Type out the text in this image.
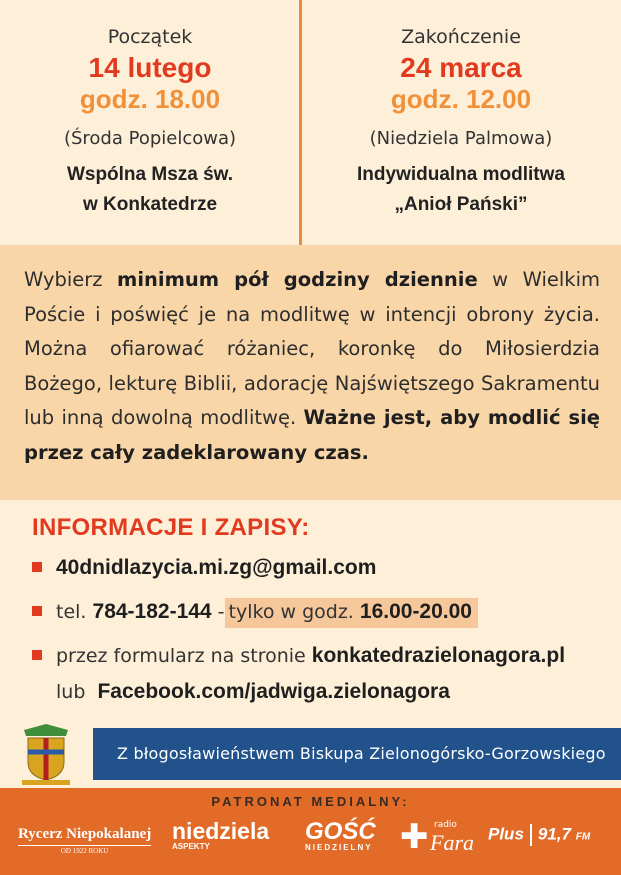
Początek
14 lutego
godz. 18.00
(Środa Popielcowa)
Wspólna Msza św.
w Konkatedrze
Zakończenie
24 marca
godz. 12.00
(Niedziela Palmowa)
Indywidualna modlitwa
„Anioł Pański”
Wybierz minimum pół godziny dziennie w Wielkim Poście i poświęć je na modlitwę w intencji obrony życia. Można ofiarować różaniec, koronkę do Miłosierdzia Bożego, lekturę Biblii, adorację Najświętszego Sakramentu lub inną dowolną modlitwę. Ważne jest, aby modlić się przez cały zadeklarowany czas.
INFORMACJE I ZAPISY:
40dnidlazycia.mi.zg@gmail.com
tel. 784-182-144 - tylko w godz. 16.00-20.00
przez formularz na stronie konkatedrazielonagora.pl
lub Facebook.com/jadwiga.zielonagora
Z błogosławieństwem Biskupa Zielonogórsko-Gorzowskiego
PATRONAT MEDIALNY:
Rycerz Niepokalanej
OD 1922 ROKU
niedziela
ASPEKTY
GOŚĆ
NIEDZIELNY ✚ radio
Fara Plus 91,7 FM
